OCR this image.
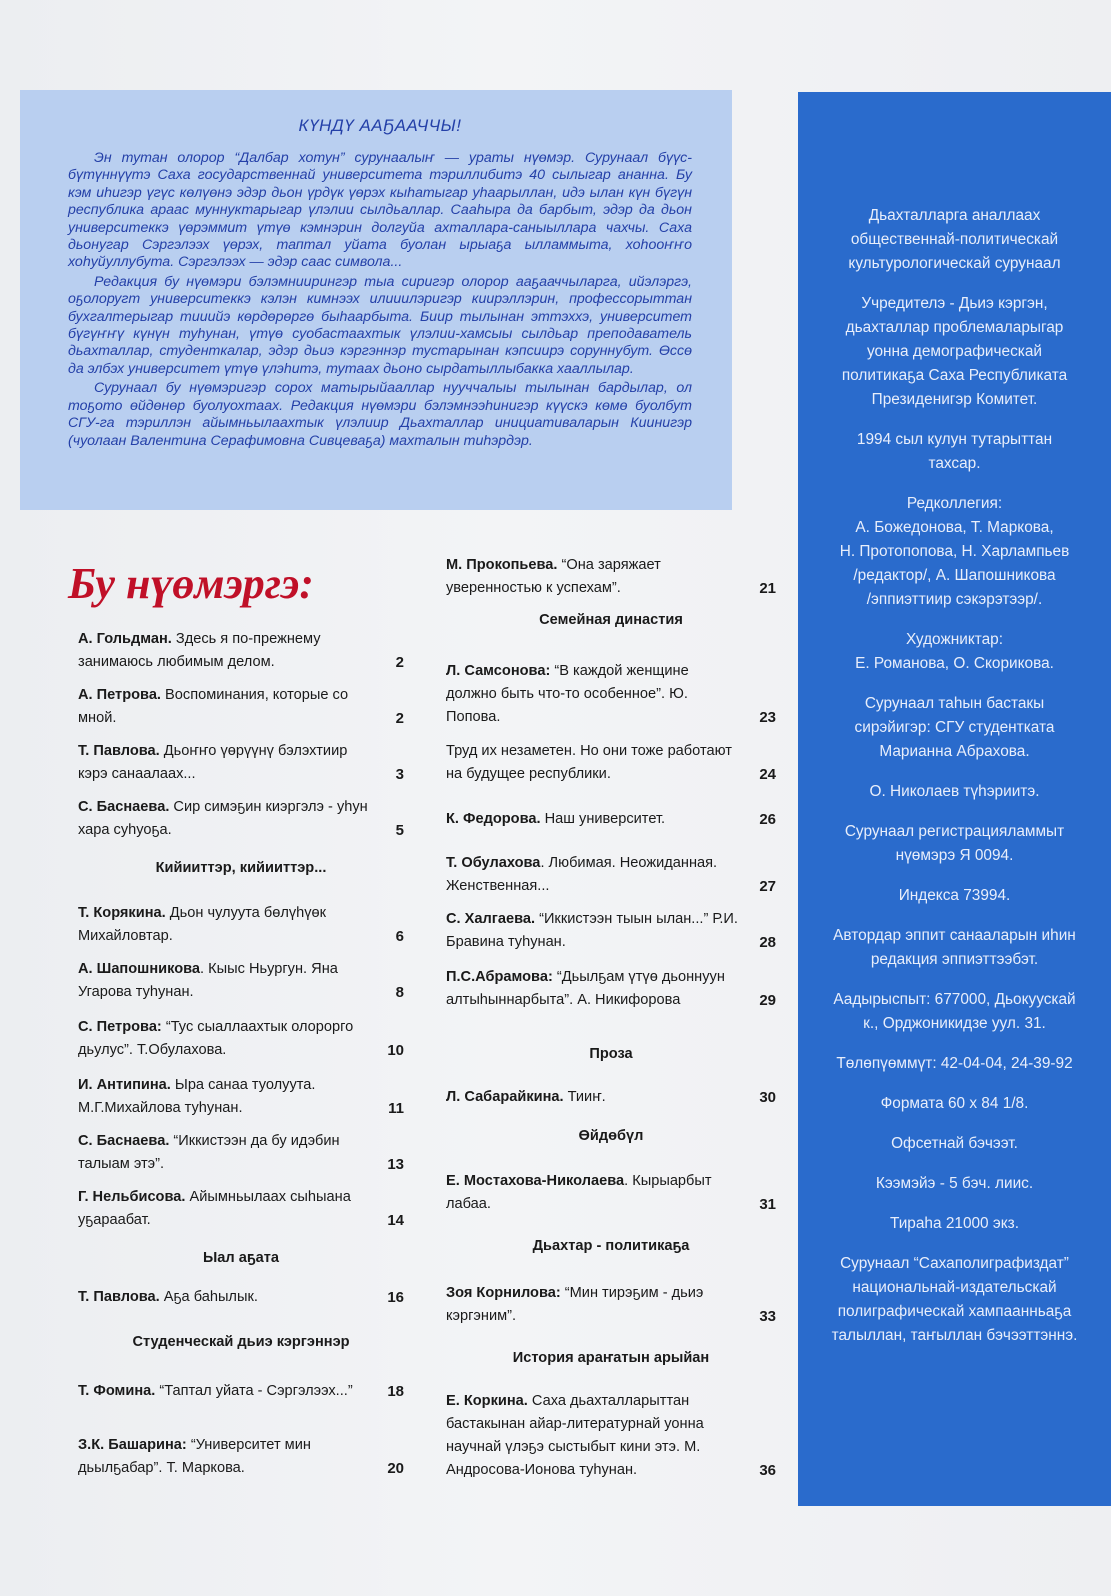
КҮНДҮ ААҔААЧЧЫ!

Эн тутан олорор “Далбар хотун” сурунаалыҥ — ураты нүөмэр. Сурунаал бүүс-бүтүннүүтэ Саха государственнай университета тэриллибитэ 40 сылыгар ананна. Бу кэм иһигэр үгүс көлүөнэ эдэр дьон үрдүк үөрэх кыһатыгар уһаарыллан, идэ ылан күн бүгүн республика араас муннуктарыгар үлэлии сылдьаллар. Сааһыра да барбыт, эдэр да дьон университеккэ үөрэммит үтүө кэмнэрин долгуйа ахталлара-саныыллара чахчы. Саха дьонугар Сэргэлээх үөрэх, таптал уйата буолан ырыаҕа ылламмыта, хоһооҥҥо хоһуйуллубута. Сэргэлээх — эдэр саас символа...

Редакция бу нүөмэри бэлэмниирингэр тыа сиригэр олорор ааҕааччыларга, ийэлэргэ, оҕолоругт университеккэ кэлэн кимнээх илииилэригэр киирэллэрин, профессорыттан бухгалтерыгар тииийэ көрдөрөргө быһаарбыта. Биир тылынан эттэххэ, университет бүгүҥҥү күнүн туһунан, үтүө суобастаахтык үлэлии-хамсыы сылдьар преподаватель дьахталлар, студенткалар, эдэр дьиэ кэргэннэр тустарынан кэпсиирэ соруннубут. Өссө да элбэх университет үтүө үлэһитэ, тутаах дьоно сырдатыллыбакка хааллылар.

Сурунаал бу нүөмэригэр сорох матырыйааллар нууччалыы тылынан бардылар, ол тоҕото өйдөнөр буолуохтаах. Редакция нүөмэри бэлэмнээһинигэр күүскэ көмө буолбут СГУ-га тэриллэн айымньылаахтык үлэлиир Дьахталлар инициативаларын Киинигэр (чуолаан Валентина Серафимовна Сивцеваҕа) махталын тиһэрдэр.

Бу нүөмэргэ:
А. Гольдман. Здесь я по-прежнему занимаюсь любимым делом.	2
А. Петрова. Воспоминания, которые со мной.	2
Т. Павлова. Дьоҥҥо үөрүүнү бэлэхтиир кэрэ санаалаах...	3
С. Баснаева. Сир симэҕин киэргэлэ - уһун хара суһуоҕа.	5
Кийииттэр, кийииттэр...
Т. Корякина. Дьон чулуута бөлүһүөк Михайловтар.	6
А. Шапошникова. Кыыс Ньургун. Яна Угарова туһунан.	8
С. Петрова: “Тус сыаллаахтык олорорго дьулус”. Т.Обулахова.	10
И. Антипина. Ыра санаа туолуута. М.Г.Михайлова туһунан.	11
С. Баснаева. “Иккистээн да бу идэбин талыам этэ”.	13
Г. Нельбисова. Айымньылаах сыһыана уҕараабат.	14
Ыал аҕата
Т. Павлова. Аҕа баһылык.	16
Студенческай дьиэ кэргэннэр
Т. Фомина. “Таптал уйата - Сэргэлээх...”	18
З.К. Башарина: “Университет мин дьылҕабар”. Т. Маркова.	20
М. Прокопьева. “Она заряжает уверенностью к успехам”.	21
Семейная династия
Л. Самсонова: “В каждой женщине должно быть что-то особенное”. Ю. Попова.	23
Труд их незаметен. Но они тоже работают на будущее республики.	24
К. Федорова. Наш университет.	26
Т. Обулахова. Любимая. Неожиданная. Женственная...	27
С. Халгаева. “Иккистээн тыын ылан...” Р.И. Бравина туһунан.	28
П.С.Абрамова: “Дьылҕам үтүө дьоннуун алтыһыннарбыта”. А. Никифорова	29
Проза
Л. Сабарайкина. Тииҥ.	30
Өйдөбүл
Е. Мостахова-Николаева. Кырыарбыт лабаа.	31
Дьахтар - политикаҕа
Зоя Корнилова: “Мин тирэҕим - дьиэ кэргэним”.	33
История араҥатын арыйан
Е. Коркина. Саха дьахталларыттан бастакынан айар-литературнай уонна научнай үлэҕэ сыстыбыт кини этэ. М. Андросова-Ионова туһунан.	36

Дьахталларга аналлаах
общественнай-политическай
культурологическай сурунаал

Учредителэ - Дьиэ кэргэн,
дьахталлар проблемаларыгар
уонна демографическай
политикаҕа Саха Республиката
Президенигэр Комитет.

1994 сыл кулун тутарыттан
тахсар.

Редколлегия:
А. Божедонова, Т. Маркова,
Н. Протопопова, Н. Харлампьев
/редактор/, А. Шапошникова
/эппиэттиир сэкэрэтээр/.

Художниктар:
Е. Романова, О. Скорикова.

Сурунаал таһын бастакы
сирэйигэр: СГУ студентката
Марианна Абрахова.

О. Николаев түһэриитэ.

Сурунаал регистрацияламмыт
нүөмэрэ Я 0094.

Индекса 73994.

Автордар эппит санааларын иһин
редакция эппиэттээбэт.

Аадырыспыт: 677000, Дьокуускай
к., Орджоникидзе уул. 31.

Төлөпүөммүт: 42-04-04, 24-39-92

Формата 60 х 84 1/8.

Офсетнай бэчээт.

Кээмэйэ - 5 бэч. лиис.

Тираһа 21000 экз.

Сурунаал “Сахаполиграфиздат”
национальнай-издательскай
полиграфическай хампаанньаҕа
талыллан, таҥыллан бэчээттэннэ.
